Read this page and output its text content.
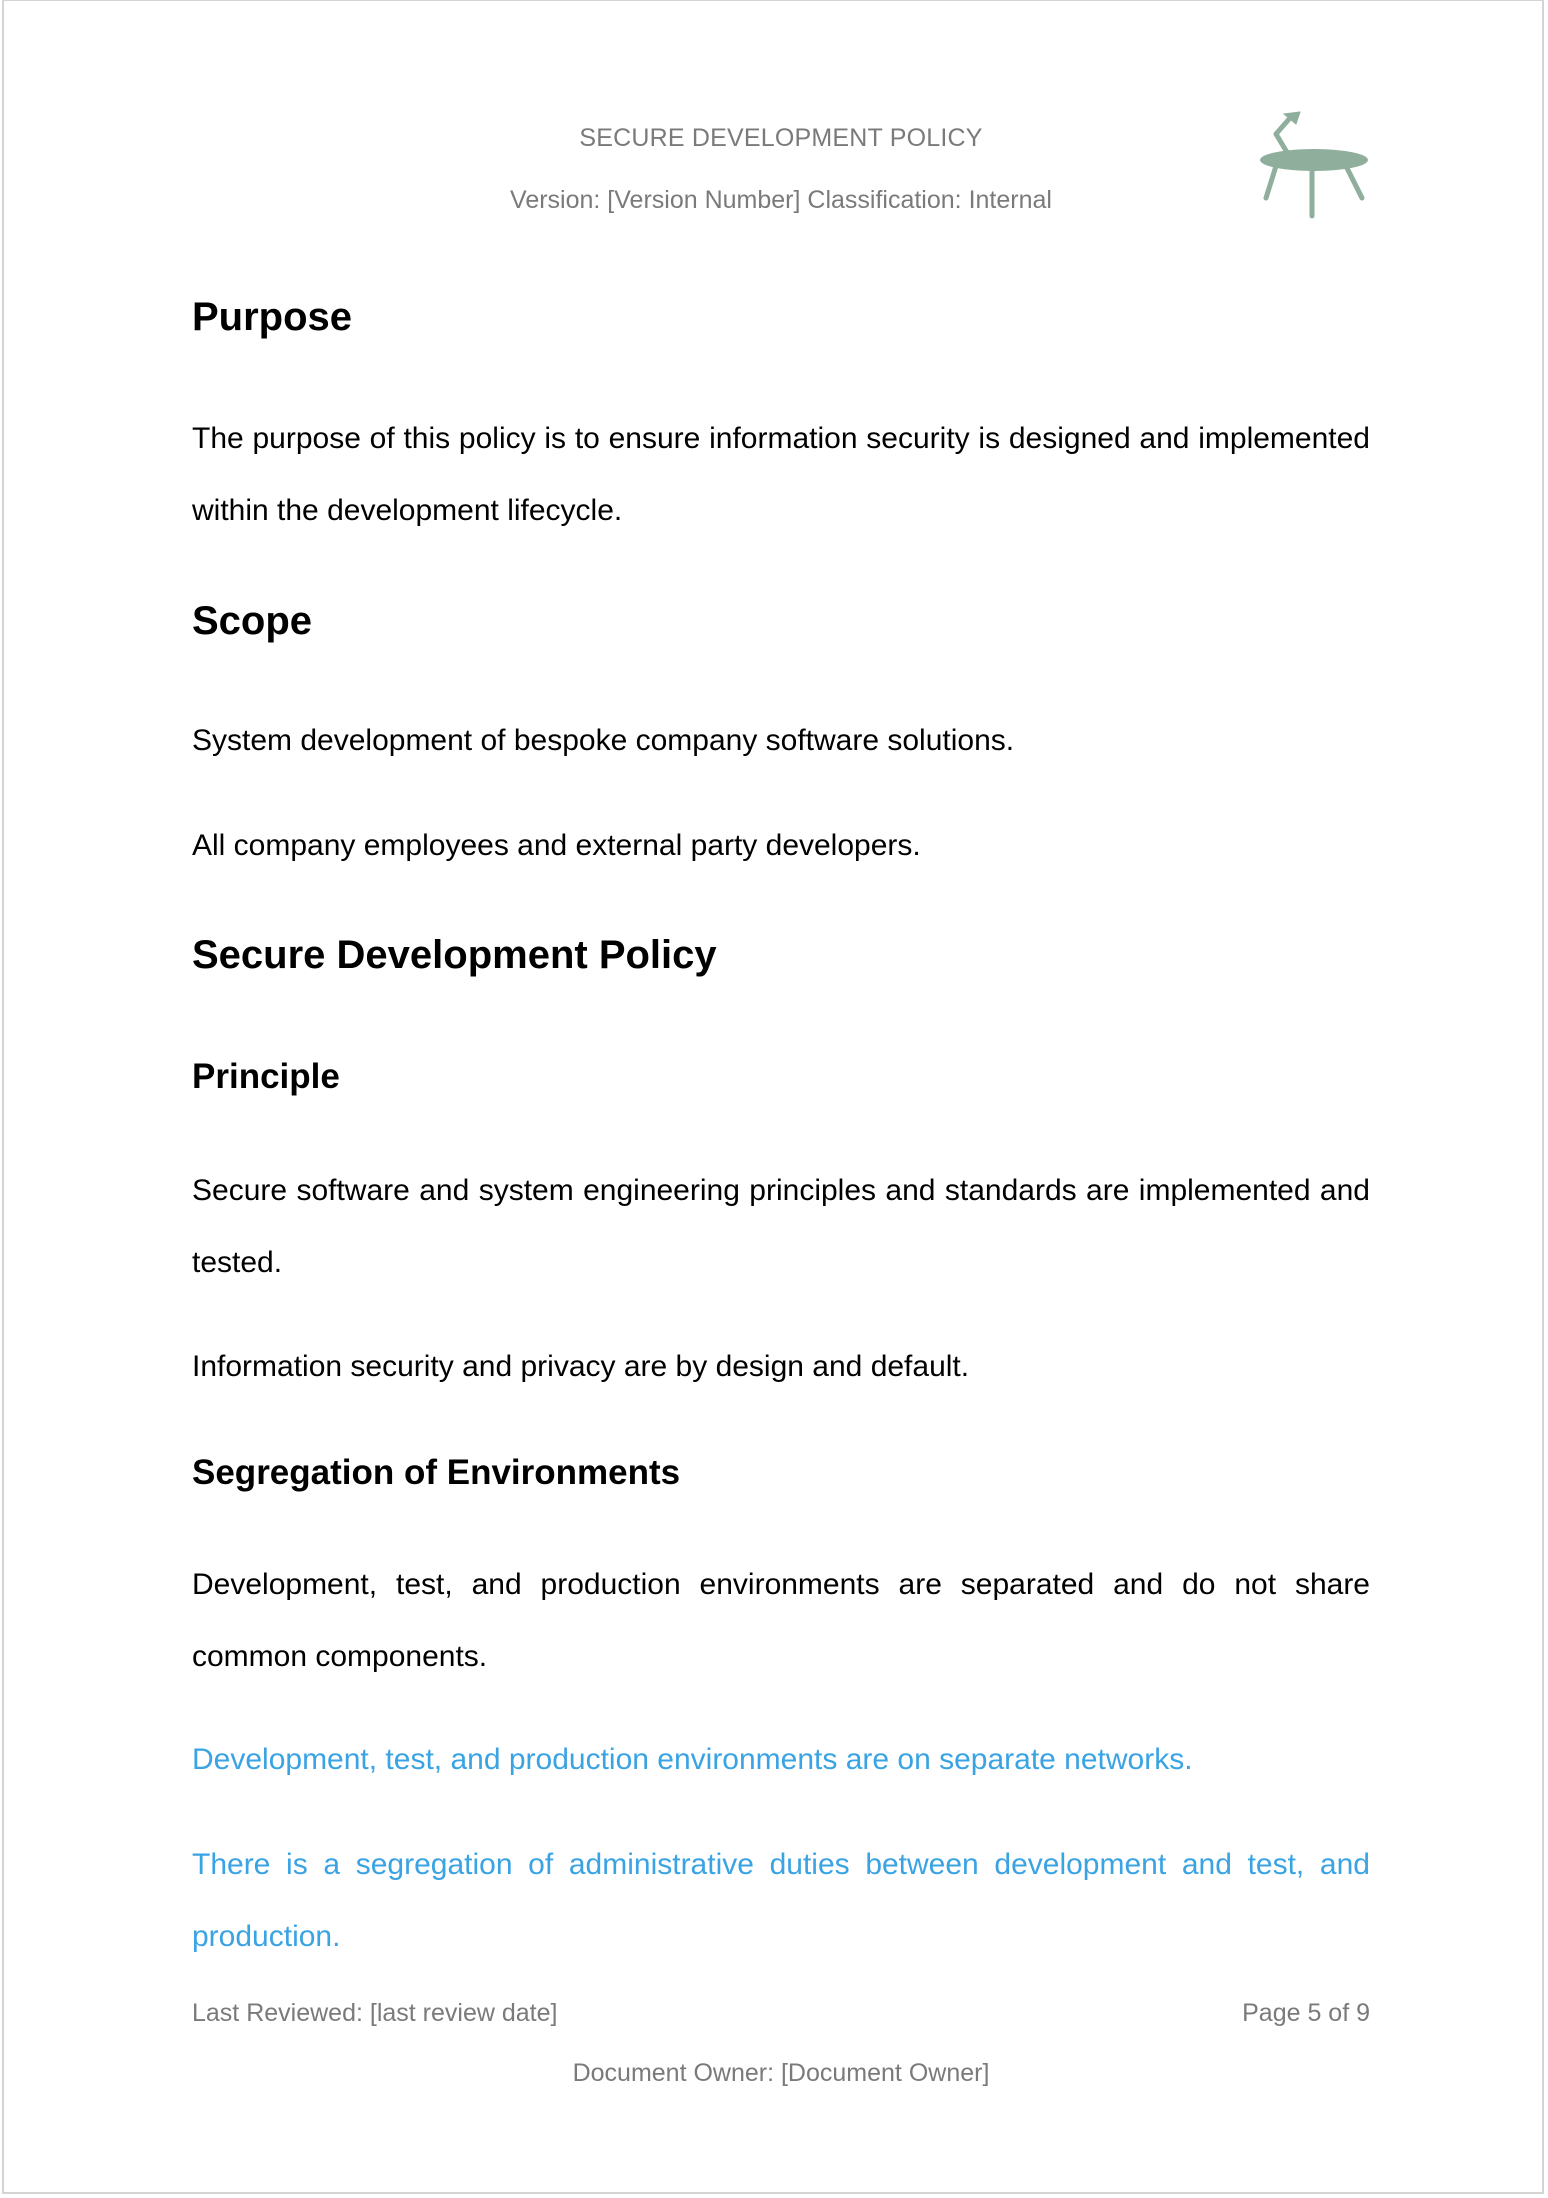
SECURE DEVELOPMENT POLICY
Version: [Version Number] Classification: Internal
Purpose
The purpose of this policy is to ensure information security is designed and implemented within the development lifecycle.
Scope
System development of bespoke company software solutions.
All company employees and external party developers.
Secure Development Policy
Principle
Secure software and system engineering principles and standards are implemented and tested.
Information security and privacy are by design and default.
Segregation of Environments
Development, test, and production environments are separated and do not share common components.
Development, test, and production environments are on separate networks.
There is a segregation of administrative duties between development and test, and production.
Last Reviewed: [last review date]	Page 5 of 9
Document Owner: [Document Owner]
